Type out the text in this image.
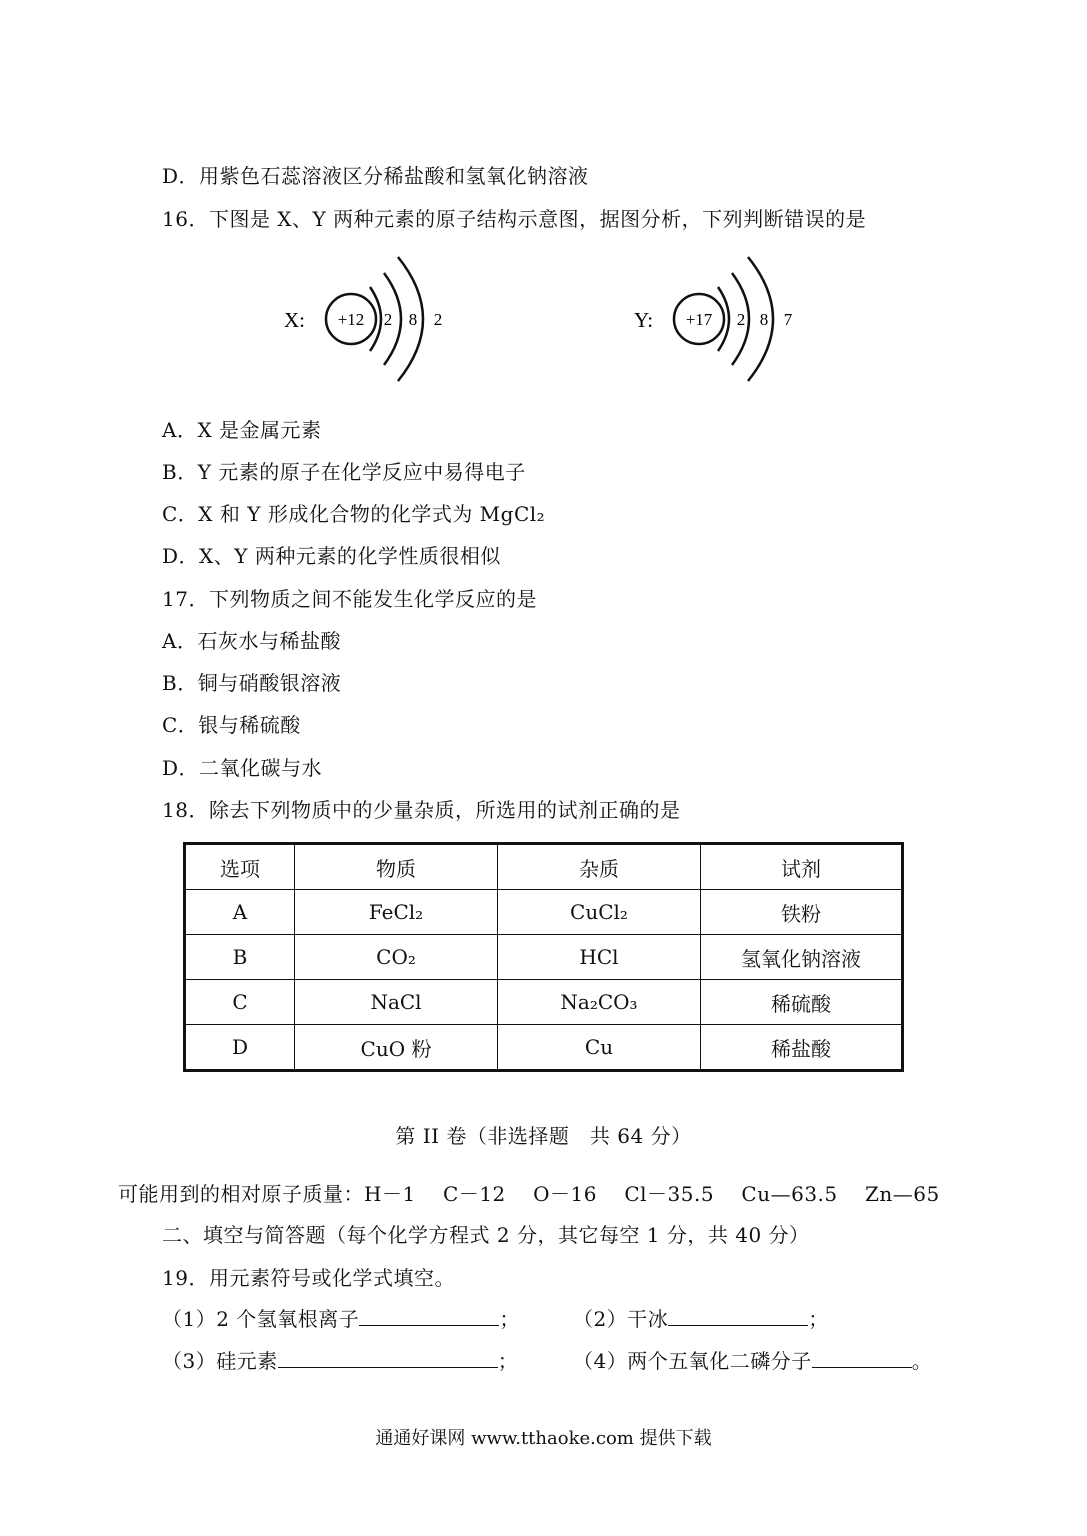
D．用紫色石蕊溶液区分稀盐酸和氢氧化钠溶液
16．下图是 X、Y 两种元素的原子结构示意图，据图分析，下列判断错误的是
X: +12 2 8 2	Y: +17 2 8 7
A．X 是金属元素
B．Y 元素的原子在化学反应中易得电子
C．X 和 Y 形成化合物的化学式为 MgCl₂
D．X、Y 两种元素的化学性质很相似
17．下列物质之间不能发生化学反应的是
A．石灰水与稀盐酸
B．铜与硝酸银溶液
C．银与稀硫酸
D．二氧化碳与水
18．除去下列物质中的少量杂质，所选用的试剂正确的是
选项	物质	杂质	试剂
A	FeCl₂	CuCl₂	铁粉
B	CO₂	HCl	氢氧化钠溶液
C	NaCl	Na₂CO₃	稀硫酸
D	CuO 粉	Cu	稀盐酸
第 II 卷（非选择题　共 64 分）
可能用到的相对原子质量：H－1　 C－12　 O－16　 Cl－35.5　 Cu—63.5　 Zn—65
二、填空与简答题（每个化学方程式 2 分，其它每空 1 分，共 40 分）
19．用元素符号或化学式填空。
（1）2 个氢氧根离子	；	（2）干冰	；
（3）硅元素	；	（4）两个五氧化二磷分子	。
通通好课网 www.tthaoke.com 提供下载
